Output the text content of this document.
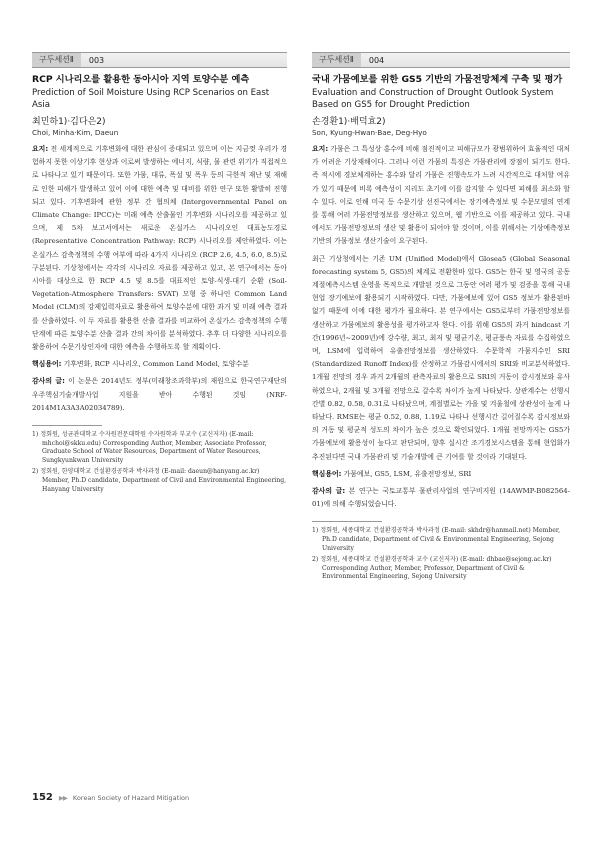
구두세션Ⅱ	003
RCP 시나리오를 활용한 동아시아 지역 토양수분 예측
Prediction of Soil Moisture Using RCP Scenarios on East Asia
최민하1)·김다은2)
Choi, Minha·Kim, Daeun

요지: 전 세계적으로 기후변화에 대한 관심이 증대되고 있으며 이는 지금껏 우리가 경험하지 못한 이상기후 현상과 이로써 발생하는 에너지, 식량, 물 관련 위기가 직접적으로 나타나고 있기 때문이다. 또한 가뭄, 대류, 폭설 및 폭우 등의 극한적 재난 및 재해로 인한 피해가 발생하고 있어 이에 대한 예측 및 대비를 위한 연구 또한 활발히 진행되고 있다. 기후변화에 관한 정부 간 협의체 (Intergovernmental Panel on Climate Change: IPCC)는 미래 예측 산출물인 기후변화 시나리오를 제공하고 있으며, 제 5차 보고서에서는 새로운 온실가스 시나리오인 대표농도경로 (Representative Concentration Pathway: RCP) 시나리오를 제안하였다. 이는 온실가스 감축정책의 수행 여부에 따라 4가지 시나리오 (RCP 2.6, 4.5, 6.0, 8.5)로 구분된다. 기상청에서는 각각의 시나리오 자료를 제공하고 있고, 본 연구에서는 동아시아를 대상으로 한 RCP 4.5 및 8.5를 대표적인 토양-식생-대기 순환 (Soil-Vegetation-Atmosphere Transfers: SVAT) 모형 중 하나인 Common Land Model (CLM)의 강제입력자료로 활용하여 토양수분에 대한 과거 및 미래 예측 결과를 산출하였다. 이 두 자료를 활용한 산출 결과를 비교하여 온실가스 감축정책의 수행 단계에 따른 토양수분 산출 결과 간의 차이를 분석하였다. 추후 더 다양한 시나리오를 활용하여 수문기상인자에 대한 예측을 수행하도록 할 계획이다.

핵심용어: 기후변화, RCP 시나리오, Common Land Model, 토양수분

감사의 글: 이 논문은 2014년도 정부(미래창조과학부)의 재원으로 한국연구재단의 우주핵심기술개발사업 지원을 받아 수행된 것임 (NRF-2014M1A3A3A02034789).

1) 정회원, 성균관대학교 수자원전문대학원 수자원학과 부교수 (교신저자) (E-mail: mhchoi@skku.edu) Corresponding Author, Member, Associate Professor, Graduate School of Water Resources, Department of Water Resources, Sungkyunkwan University

2) 정회원, 한양대학교 건설환경공학과 박사과정 (E-mail: daeun@hanyang.ac.kr) Member, Ph.D candidate, Department of Civil and Environmental Engineering, Hanyang University

구두세션Ⅱ	004
국내 가뭄예보를 위한 GS5 기반의 가뭄전망체계 구축 및 평가
Evaluation and Construction of Drought Outlook System Based on GS5 for Drought Prediction
손경환1)·배덕효2)
Son, Kyung-Hwan·Bae, Deg-Hyo

요지: 가뭄은 그 특성상 홍수에 비해 점진적이고 피해규모가 광범위하여 효율적인 대처가 어려운 기상재해이다. 그러나 이런 가뭄의 특징은 가뭄관리에 장점이 되기도 한다. 즉 적시에 경보체계하는 홍수와 달리 가뭄은 진행속도가 느려 시간적으로 대처할 여유가 있기 때문에 비록 예측성이 지리도 초기에 이를 감지할 수 있다면 피해를 최소화 할 수 있다. 이로 인해 미국 등 수문기상 선진국에서는 장기예측정보 및 수문모델의 연계를 통해 여러 가뭄전망정보를 생산하고 있으며, 웹 기반으로 이를 제공하고 있다. 국내에서도 가뭄전망정보의 생산 및 활용이 되어야 할 것이며, 이를 위해서는 기상예측정보 기반의 가뭄정보 생산기술이 요구된다.

최근 기상청에서는 기존 UM (Unified Model)에서 Glosea5 (Global Seasonal forecasting system 5, GS5)의 체계로 전환한바 있다. GS5는 한국 및 영국의 공동계절예측시스템 운영을 목적으로 개발된 것으로 그동안 여러 평가 및 검증을 통해 국내 현업 장기예보에 활용되기 시작하였다. 다만, 가뭄예보에 있어 GS5 정보가 활용된바 없기 때문에 이에 대한 평가가 필요하다. 본 연구에서는 GS5로부터 가뭄전망정보를 생산하고 가뭄예보의 활용성을 평가하고자 한다. 이를 위해 GS5의 과거 hindcast 기간(1996년~2009년)에 강수량, 최고, 최저 및 평균기온, 평균풍속 자료를 수집하였으며, LSM에 입력하여 유출전망정보를 생산하였다. 수문학적 가뭄지수인 SRI (Standardized Runoff Index)를 산정하고 가뭄감시에서의 SRI와 비교분석하였다. 1개월 전망의 경우 과거 2개월의 관측자료의 활용으로 SRI의 거동이 감시정보와 유사하였으나, 2개월 및 3개월 전망으로 갈수록 차이가 높게 나타났다. 상관계수는 선행시간별 0.82, 0.58, 0.31로 나타났으며, 계절별로는 가을 및 겨울철에 상관성이 높게 나타났다. RMSE는 평균 0.52, 0.88, 1.19로 나타나 선행시간 길어질수록 감시정보와의 거동 및 평균적 성도의 차이가 높은 것으로 확인되었다. 1개월 전망까지는 GS5가 가뭄예보에 활용성이 높다고 판단되며, 향후 실시간 조기경보시스템을 통해 현업화가 추진된다면 국내 가뭄관리 및 기술개발에 큰 기여를 할 것이라 기대된다.

핵심용어: 가뭄예보, GS5, LSM, 유출전망정보, SRI

감사의 글: 본 연구는 국토교통부 물관리사업의 연구비지원 (14AWMP-B082564-01)에 의해 수행되었습니다.

1) 정회원, 세종대학교 건설환경공학과 박사과정 (E-mail: skhdr@hanmail.net) Member, Ph.D candidate, Department of Civil & Environmental Engineering, Sejong University

2) 정회원, 세종대학교 건설환경공학과 교수 (교신저자) (E-mail: dhbae@sejong.ac.kr) Corresponding Author, Member, Professor, Department of Civil & Environmental Engineering, Sejong University

152 ▶▶ Korean Society of Hazard Mitigation
